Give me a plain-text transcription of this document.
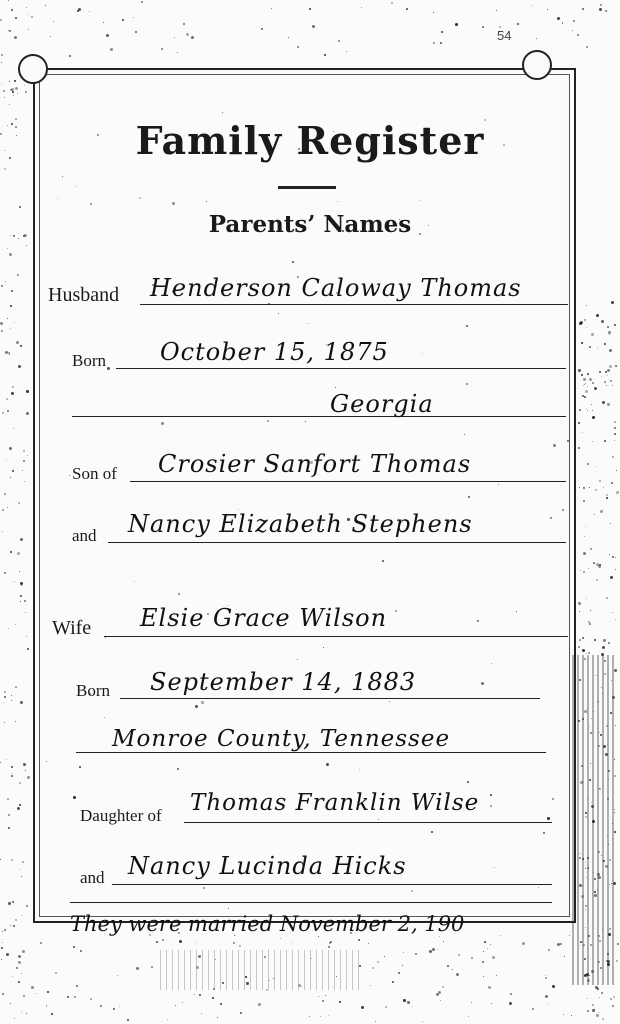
54
Family Register
Parents’ Names
Husband Henderson Caloway Thomas
Born October 15, 1875
Georgia
Son of Crosier Sanfort Thomas
and Nancy Elizabeth Stephens
Wife Elsie Grace Wilson
Born September 14, 1883
Monroe County, Tennessee
Daughter of Thomas Franklin Wilse
and Nancy Lucinda Hicks
They were married November 2, 190
